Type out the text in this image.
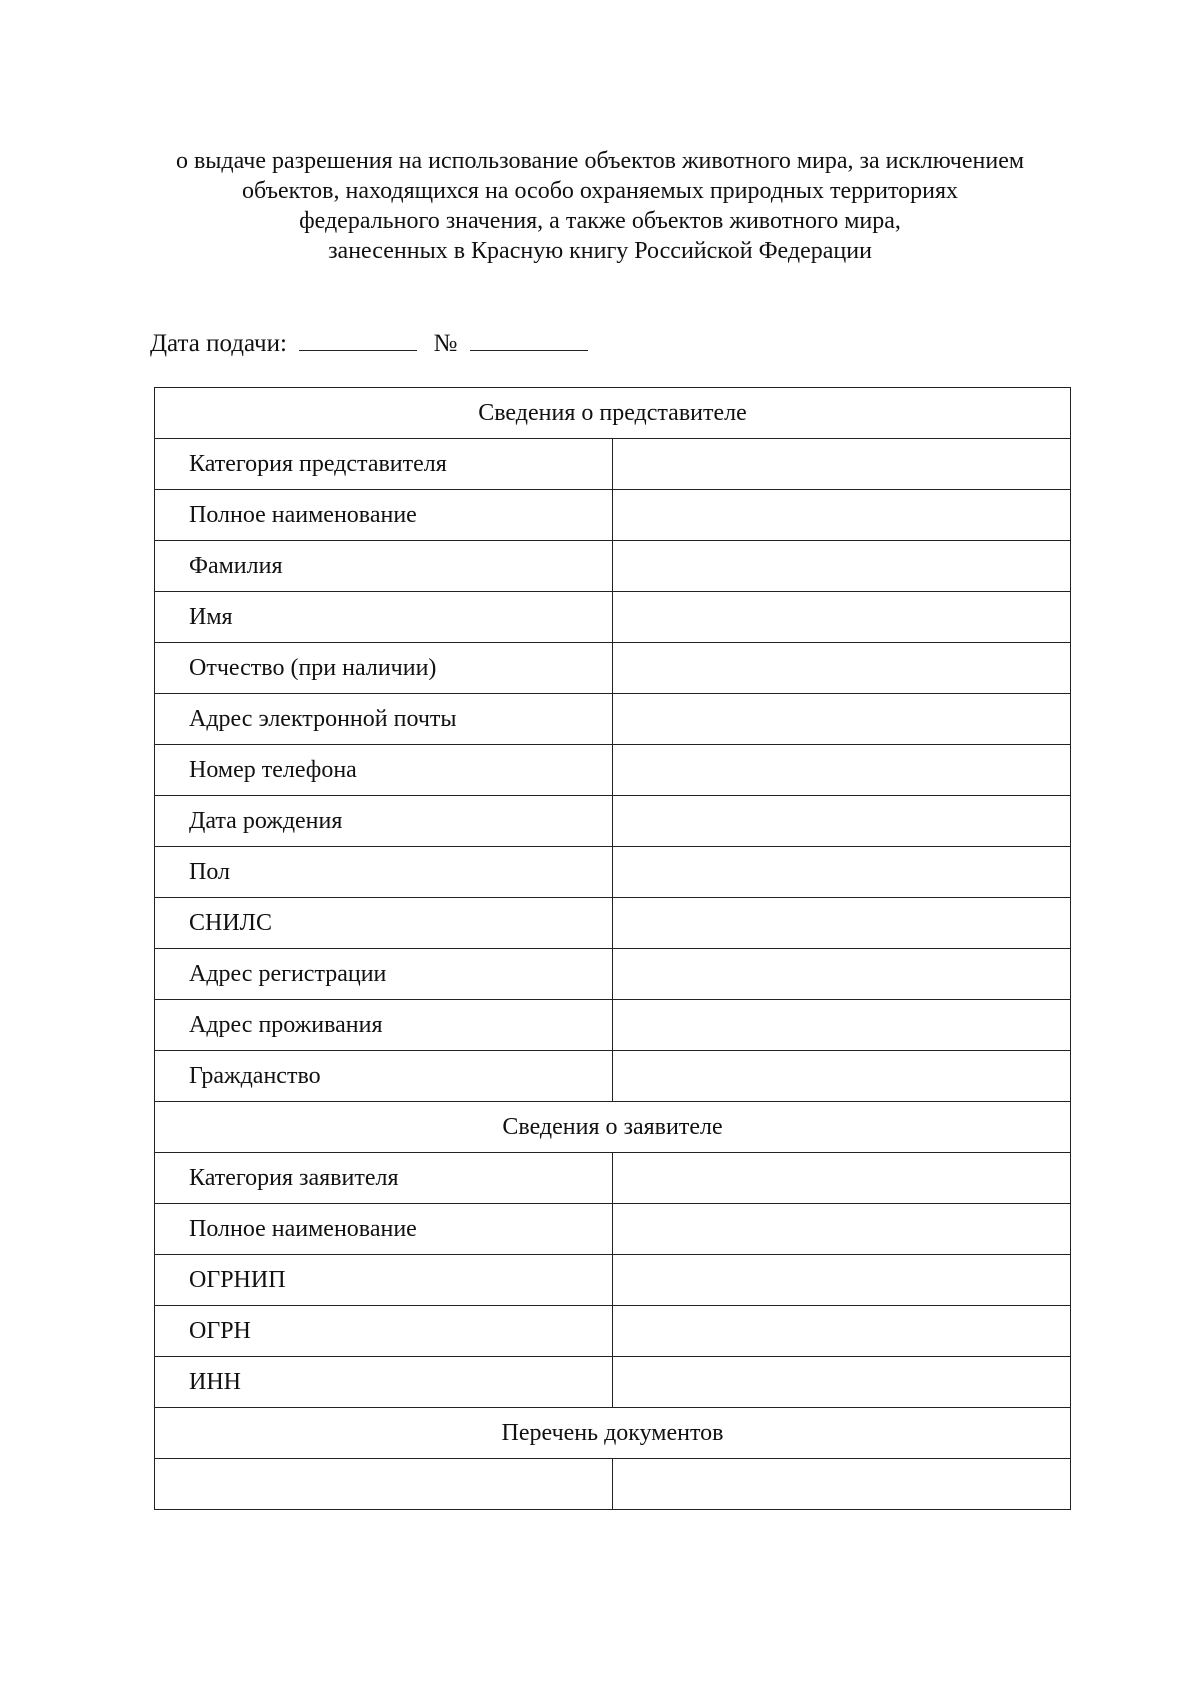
о выдаче разрешения на использование объектов животного мира, за исключением
объектов, находящихся на особо охраняемых природных территориях
федерального значения, а также объектов животного мира,
занесенных в Красную книгу Российской Федерации
Дата подачи:	№
Сведения о представителе	
Категория представителя	
Полное наименование	
Фамилия	
Имя	
Отчество (при наличии)	
Адрес электронной почты	
Номер телефона	
Дата рождения	
Пол	
СНИЛС	
Адрес регистрации	
Адрес проживания	
Гражданство	
Сведения о заявителе	
Категория заявителя	
Полное наименование	
ОГРНИП	
ОГРН	
ИНН	
Перечень документов	
